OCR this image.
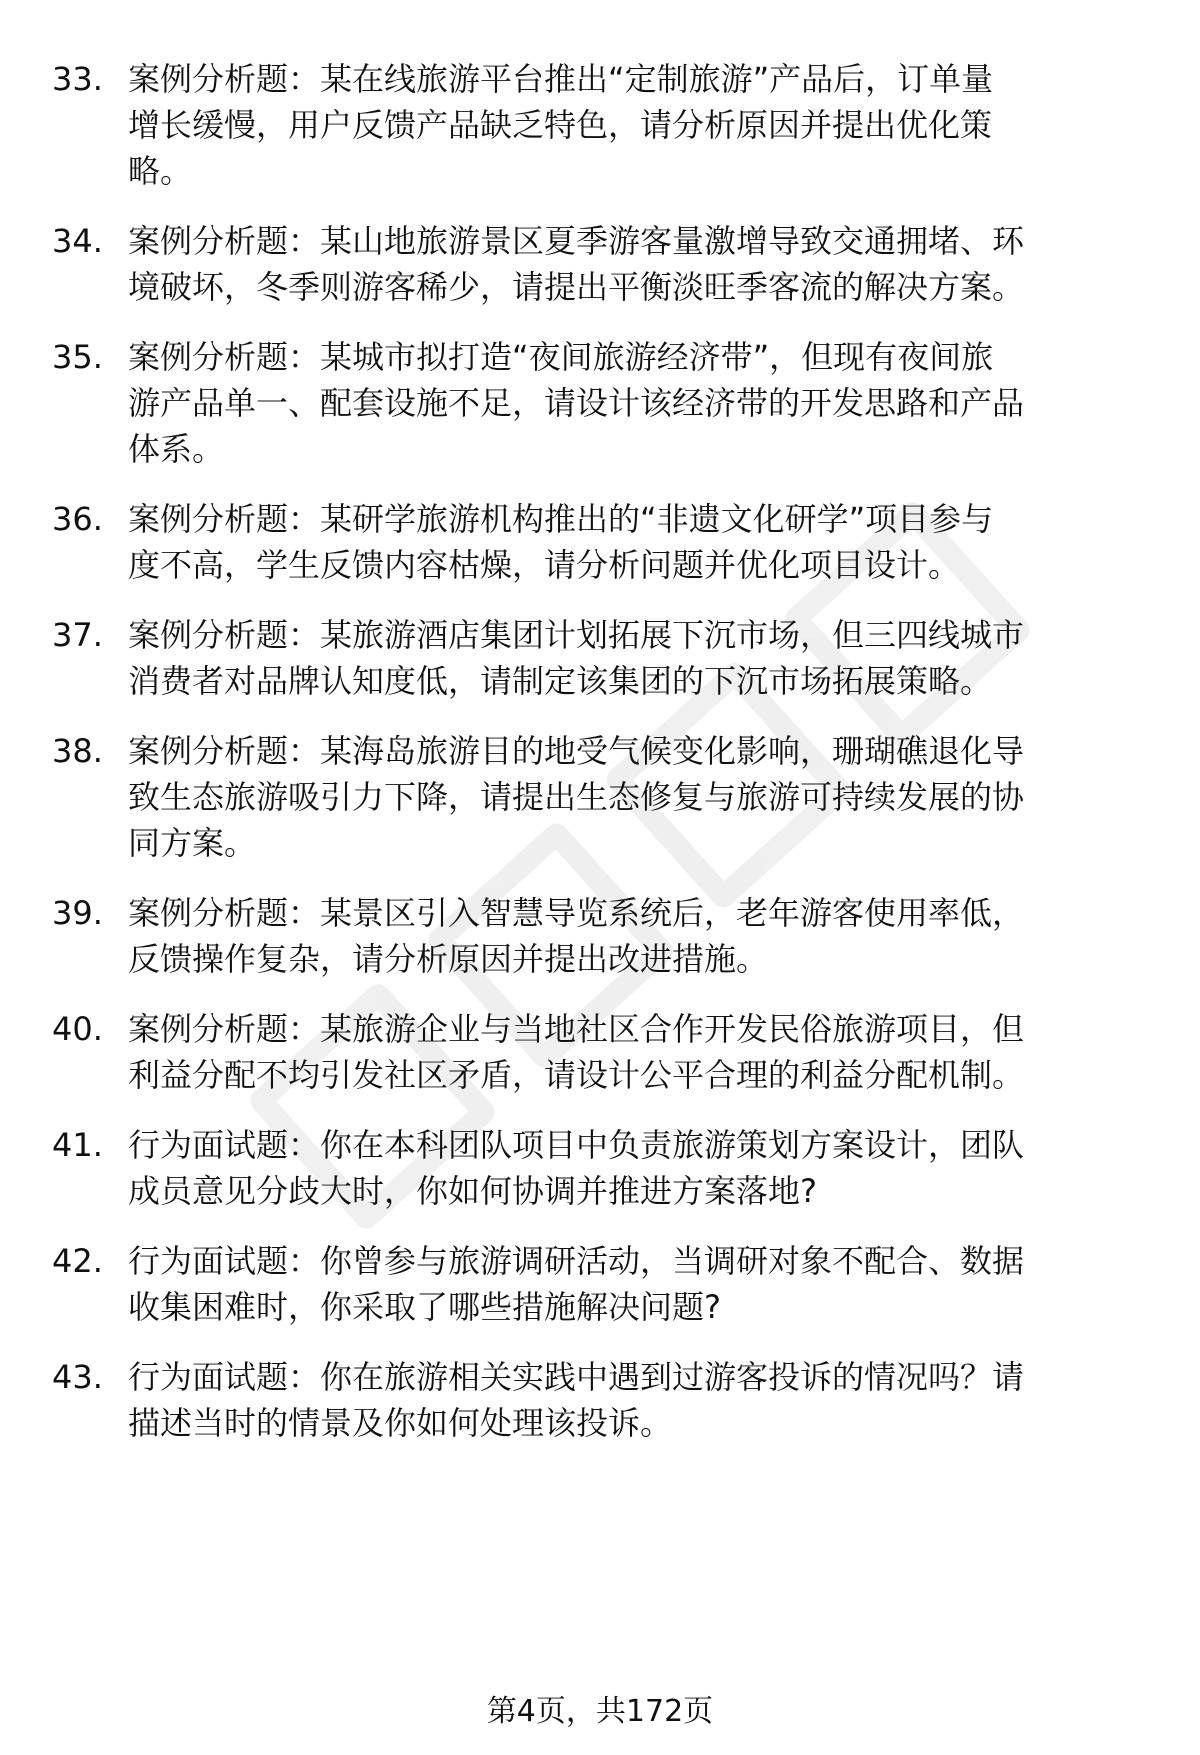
33. 案例分析题：某在线旅游平台推出“定制旅游”产品后，订单量
增长缓慢，用户反馈产品缺乏特色，请分析原因并提出优化策
略。
34. 案例分析题：某山地旅游景区夏季游客量激增导致交通拥堵、环
境破坏，冬季则游客稀少，请提出平衡淡旺季客流的解决方案。
35. 案例分析题：某城市拟打造“夜间旅游经济带”，但现有夜间旅
游产品单一、配套设施不足，请设计该经济带的开发思路和产品
体系。
36. 案例分析题：某研学旅游机构推出的“非遗文化研学”项目参与
度不高，学生反馈内容枯燥，请分析问题并优化项目设计。
37. 案例分析题：某旅游酒店集团计划拓展下沉市场，但三四线城市
消费者对品牌认知度低，请制定该集团的下沉市场拓展策略。
38. 案例分析题：某海岛旅游目的地受气候变化影响，珊瑚礁退化导
致生态旅游吸引力下降，请提出生态修复与旅游可持续发展的协
同方案。
39. 案例分析题：某景区引入智慧导览系统后，老年游客使用率低，
反馈操作复杂，请分析原因并提出改进措施。
40. 案例分析题：某旅游企业与当地社区合作开发民俗旅游项目，但
利益分配不均引发社区矛盾，请设计公平合理的利益分配机制。
41. 行为面试题：你在本科团队项目中负责旅游策划方案设计，团队
成员意见分歧大时，你如何协调并推进方案落地?
42. 行为面试题：你曾参与旅游调研活动，当调研对象不配合、数据
收集困难时，你采取了哪些措施解决问题?
43. 行为面试题：你在旅游相关实践中遇到过游客投诉的情况吗？请
描述当时的情景及你如何处理该投诉。
第4页，共172页
